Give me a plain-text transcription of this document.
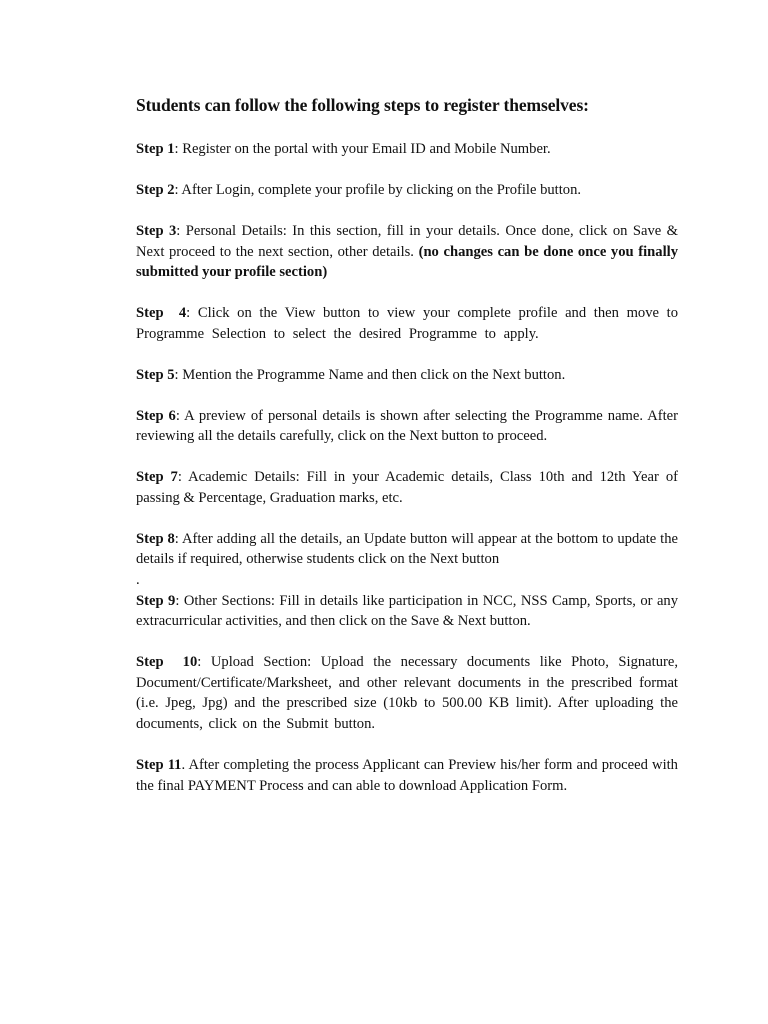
Students can follow the following steps to register themselves:

Step 1: Register on the portal with your Email ID and Mobile Number.

Step 2: After Login, complete your profile by clicking on the Profile button.

Step 3: Personal Details: In this section, fill in your details. Once done, click on Save & Next proceed to the next section, other details. (no changes can be done once you finally submitted your profile section)

Step  4: Click on the View button to view your complete profile and then move to Programme Selection to select the desired Programme to apply.

Step 5: Mention the Programme Name and then click on the Next button.

Step 6: A preview of personal details is shown after selecting the Programme name. After reviewing all the details carefully, click on the Next button to proceed.

Step 7: Academic Details: Fill in your Academic details, Class 10th and 12th Year of passing & Percentage, Graduation marks, etc.

Step 8: After adding all the details, an Update button will appear at the bottom to update the details if required, otherwise students click on the Next button

.

Step 9: Other Sections: Fill in details like participation in NCC, NSS Camp, Sports, or any extracurricular activities, and then click on the Save & Next button.

Step  10: Upload Section: Upload the necessary documents like Photo, Signature, Document/Certificate/Marksheet, and other relevant documents in the prescribed format (i.e. Jpeg, Jpg) and the prescribed size (10kb to 500.00 KB limit). After uploading the documents, click on the Submit button.

Step 11. After completing the process Applicant can Preview his/her form and proceed with the final PAYMENT Process and can able to download Application Form.
